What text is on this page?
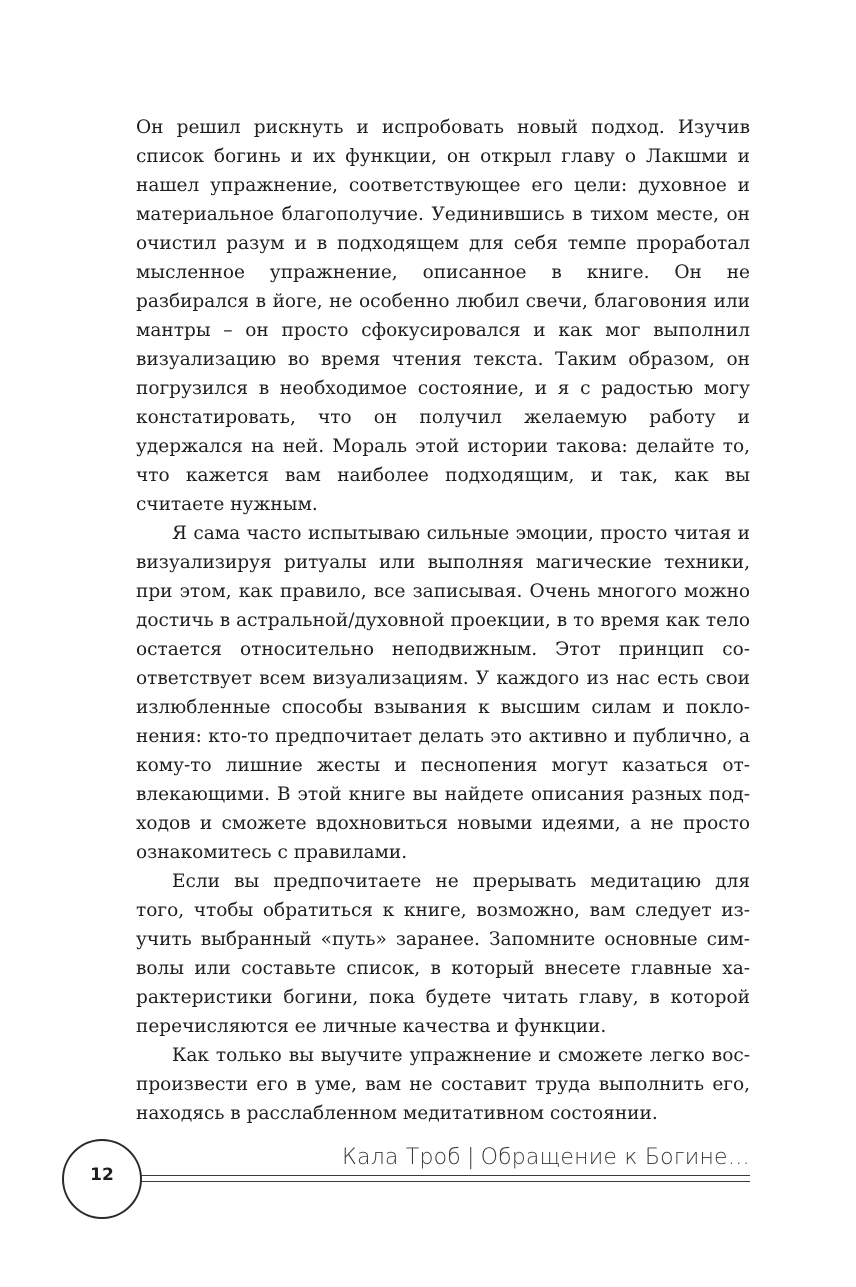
Он решил рискнуть и испробовать новый подход. Изучив список богинь и их функции, он открыл главу о Лакшми и нашел упражнение, соответствующее его цели: духовное и материальное благополучие. Уединившись в тихом месте, он очистил разум и в подходящем для себя темпе проработал мысленное упражнение, описанное в книге. Он не разбирался в йоге, не особенно любил свечи, благовония или мантры – он просто сфокусировался и как мог выполнил визуализацию во время чтения текста. Таким образом, он погрузился в необходимое состояние, и я с радостью могу констатировать, что он получил желаемую работу и удержался на ней. Мораль этой истории такова: делайте то, что кажется вам наиболее подходящим, и так, как вы считаете нужным.

Я сама часто испытываю сильные эмоции, просто читая и визуализируя ритуалы или выполняя магические техники, при этом, как правило, все записывая. Очень многого можно достичь в астральной/духовной проекции, в то время как тело остается относительно неподвижным. Этот принцип соответствует всем визуализациям. У каждого из нас есть свои излюбленные способы взывания к высшим силам и поклонения: кто-то предпочитает делать это активно и публично, а кому-то лишние жесты и песнопения могут казаться отвлекающими. В этой книге вы найдете описания разных подходов и сможете вдохновиться новыми идеями, а не просто ознакомитесь с правилами.

Если вы предпочитаете не прерывать медитацию для того, чтобы обратиться к книге, возможно, вам следует изучить выбранный «путь» заранее. Запомните основные символы или составьте список, в который внесете главные характеристики богини, пока будете читать главу, в которой перечисляются ее личные качества и функции.

Как только вы выучите упражнение и сможете легко воспроизвести его в уме, вам не составит труда выполнить его, находясь в расслабленном медитативном состоянии.

Кала Троб | Обращение к Богине…
12
